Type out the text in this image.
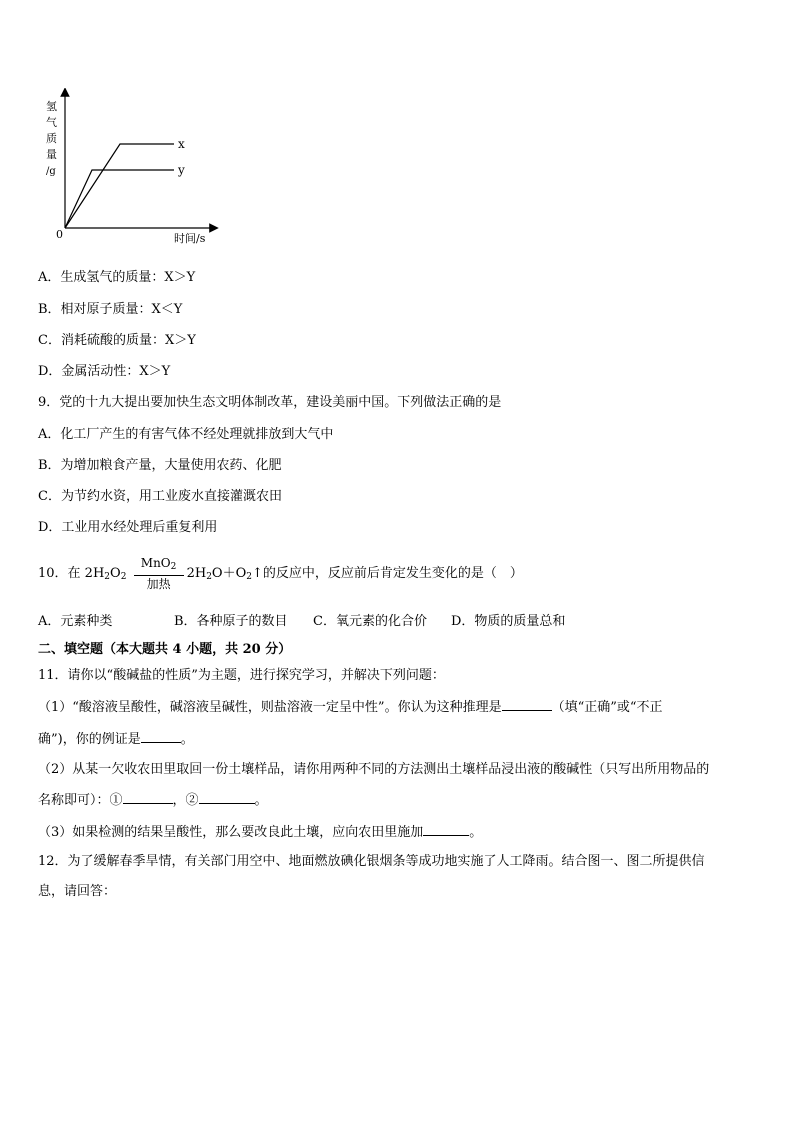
x
y
氢
气
质
量
/g
0	时间/s
A．生成氢气的质量：X＞Y
B．相对原子质量：X＜Y
C．消耗硫酸的质量：X＞Y
D．金属活动性：X＞Y
9．党的十九大提出要加快生态文明体制改革，建设美丽中国。下列做法正确的是
A．化工厂产生的有害气体不经处理就排放到大气中
B．为增加粮食产量，大量使用农药、化肥
C．为节约水资，用工业废水直接灌溉农田
D．工业用水经处理后重复利用
10．在 $2H_2O_2 \frac{MnO_2}{\text{加热}}$ $2H_2O+O_2↑$的反应中，反应前后肯定发生变化的是（　）
A．元素种类	B．各种原子的数目 C．氧元素的化合价 D．物质的质量总和
二、填空题（本大题共 4 小题，共 20 分）
11．请你以“酸碱盐的性质”为主题，进行探究学习，并解决下列问题：
（1）“酸溶液呈酸性，碱溶液呈碱性，则盐溶液一定呈中性”。你认为这种推理是	（填“正确”或“不正
确”)，你的例证是	。
（2）从某一欠收农田里取回一份土壤样品，请你用两种不同的方法测出土壤样品浸出液的酸碱性（只写出所用物品的
名称即可）：①	，②	。
（3）如果检测的结果呈酸性，那么要改良此土壤，应向农田里施加	。
12．为了缓解春季旱情，有关部门用空中、地面燃放碘化银烟条等成功地实施了人工降雨。结合图一、图二所提供信
息，请回答：
